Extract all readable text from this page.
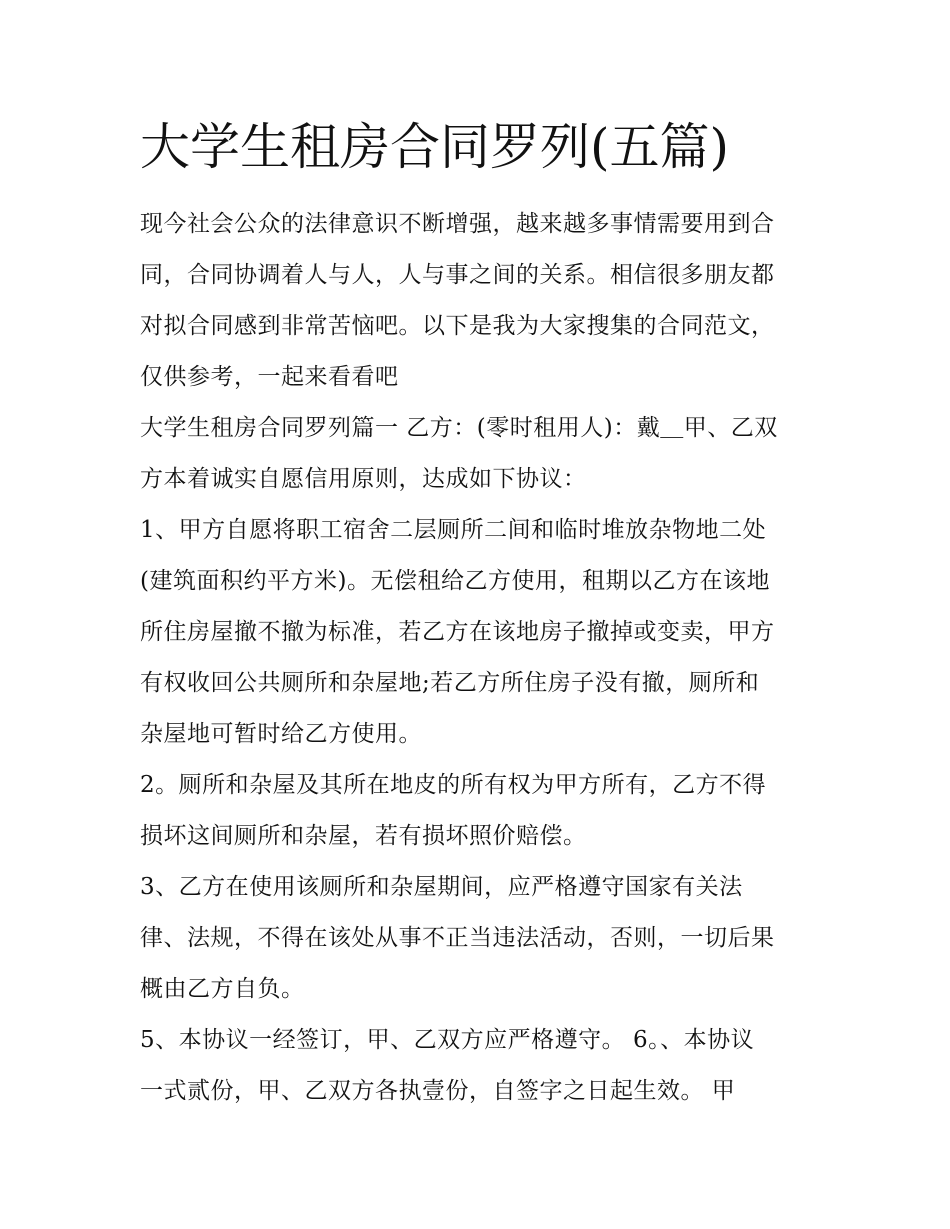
大学生租房合同罗列(五篇)
现今社会公众的法律意识不断增强，越来越多事情需要用到合
同，合同协调着人与人，人与事之间的关系。相信很多朋友都
对拟合同感到非常苦恼吧。以下是我为大家搜集的合同范文，
仅供参考，一起来看看吧
大学生租房合同罗列篇一 乙方：(零时租用人)：戴＿甲、乙双
方本着诚实自愿信用原则，达成如下协议：
1、甲方自愿将职工宿舍二层厕所二间和临时堆放杂物地二处
(建筑面积约平方米)。无偿租给乙方使用，租期以乙方在该地
所住房屋撤不撤为标准，若乙方在该地房子撤掉或变卖，甲方
有权收回公共厕所和杂屋地;若乙方所住房子没有撤，厕所和
杂屋地可暂时给乙方使用。
2。厕所和杂屋及其所在地皮的所有权为甲方所有，乙方不得
损坏这间厕所和杂屋，若有损坏照价赔偿。
3、乙方在使用该厕所和杂屋期间，应严格遵守国家有关法
律、法规，不得在该处从事不正当违法活动，否则，一切后果
概由乙方自负。
5、本协议一经签订，甲、乙双方应严格遵守。 6。、本协议
一式贰份，甲、乙双方各执壹份，自签字之日起生效。 甲
